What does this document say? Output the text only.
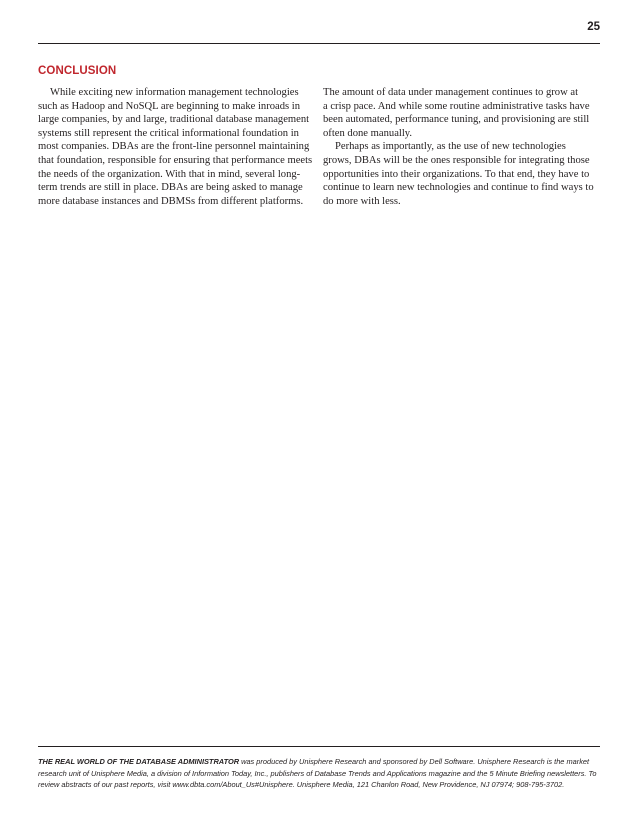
25
CONCLUSION

While exciting new information management technologies
such as Hadoop and NoSQL are beginning to make inroads in
large companies, by and large, traditional database management
systems still represent the critical informational foundation in
most companies. DBAs are the front-line personnel maintaining
that foundation, responsible for ensuring that performance meets
the needs of the organization. With that in mind, several long-
term trends are still in place. DBAs are being asked to manage
more database instances and DBMSs from different platforms.

The amount of data under management continues to grow at
a crisp pace. And while some routine administrative tasks have
been automated, performance tuning, and provisioning are still
often done manually.

Perhaps as importantly, as the use of new technologies
grows, DBAs will be the ones responsible for integrating those
opportunities into their organizations. To that end, they have to
continue to learn new technologies and continue to find ways to
do more with less.

THE REAL WORLD OF THE DATABASE ADMINISTRATOR was produced by Unisphere Research and sponsored by Dell Software. Unisphere Research is the market research unit of Unisphere Media, a division of Information Today, Inc., publishers of Database Trends and Applications magazine and the 5 Minute Briefing newsletters. To review abstracts of our past reports, visit www.dbta.com/About_Us#Unisphere. Unisphere Media, 121 Chanlon Road, New Providence, NJ 07974; 908-795-3702.
